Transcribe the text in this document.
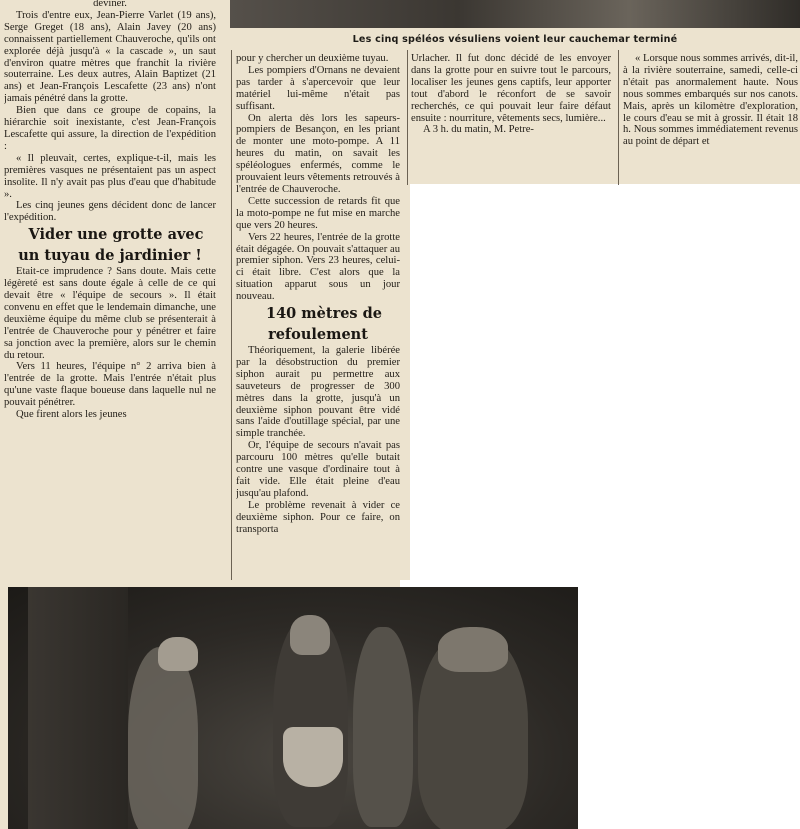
Les cinq spéléos vésuliens voient leur cauchemar terminé

deviner.

Trois d'entre eux, Jean-Pierre Varlet (19 ans), Serge Greget (18 ans), Alain Javey (20 ans) connaissent partiellement Chauveroche, qu'ils ont explorée déjà jusqu'à « la cascade », un saut d'environ quatre mètres que franchit la rivière souterraine. Les deux autres, Alain Baptizet (21 ans) et Jean-François Lescafette (23 ans) n'ont jamais pénétré dans la grotte.

Bien que dans ce groupe de copains, la hiérarchie soit inexistante, c'est Jean-François Lescafette qui assure, la direction de l'expédition :

« Il pleuvait, certes, explique-t-il, mais les premières vasques ne présentaient pas un aspect insolite. Il n'y avait pas plus d'eau que d'habitude ».

Les cinq jeunes gens décident donc de lancer l'expédition.

Vider une grotte avec un tuyau de jardinier !

Etait-ce imprudence ? Sans doute. Mais cette légèreté est sans doute égale à celle de ce qui devait être « l'équipe de secours ». Il était convenu en effet que le lendemain dimanche, une deuxième équipe du même club se présenterait à l'entrée de Chauveroche pour y pénétrer et faire sa jonction avec la première, alors sur le chemin du retour.

Vers 11 heures, l'équipe n° 2 arriva bien à l'entrée de la grotte. Mais l'entrée n'était plus qu'une vaste flaque boueuse dans laquelle nul ne pouvait pénétrer.

Que firent alors les jeunes

pour y chercher un deuxième tuyau.

Les pompiers d'Ornans ne devaient pas tarder à s'apercevoir que leur matériel lui-même n'était pas suffisant.

On alerta dès lors les sapeurs-pompiers de Besançon, en les priant de monter une moto-pompe. A 11 heures du matin, on savait les spéléologues enfermés, comme le prouvaient leurs vêtements retrouvés à l'entrée de Chauveroche.

Cette succession de retards fit que la moto-pompe ne fut mise en marche que vers 20 heures.

Vers 22 heures, l'entrée de la grotte était dégagée. On pouvait s'attaquer au premier siphon. Vers 23 heures, celui-ci était libre. C'est alors que la situation apparut sous un jour nouveau.

140 mètres de refoulement

Théoriquement, la galerie libérée par la désobstruction du premier siphon aurait pu permettre aux sauveteurs de progresser de 300 mètres dans la grotte, jusqu'à un deuxième siphon pouvant être vidé sans l'aide d'outillage spécial, par une simple tranchée.

Or, l'équipe de secours n'avait pas parcouru 100 mètres qu'elle butait contre une vasque d'ordinaire tout à fait vide. Elle était pleine d'eau jusqu'au plafond.

Le problème revenait à vider ce deuxième siphon. Pour ce faire, on transporta

Urlacher. Il fut donc décidé de les envoyer dans la grotte pour en suivre tout le parcours, localiser les jeunes gens captifs, leur apporter tout d'abord le réconfort de se savoir recherchés, ce qui pouvait leur faire défaut ensuite : nourriture, vêtements secs, lumière...

A 3 h. du matin, M. Petre-

« Lorsque nous sommes arrivés, dit-il, à la rivière souterraine, samedi, celle-ci n'était pas anormalement haute. Nous nous sommes embarqués sur nos canots. Mais, après un kilomètre d'exploration, le cours d'eau se mit à grossir. Il était 18 h. Nous sommes immédiatement revenus au point de départ et
